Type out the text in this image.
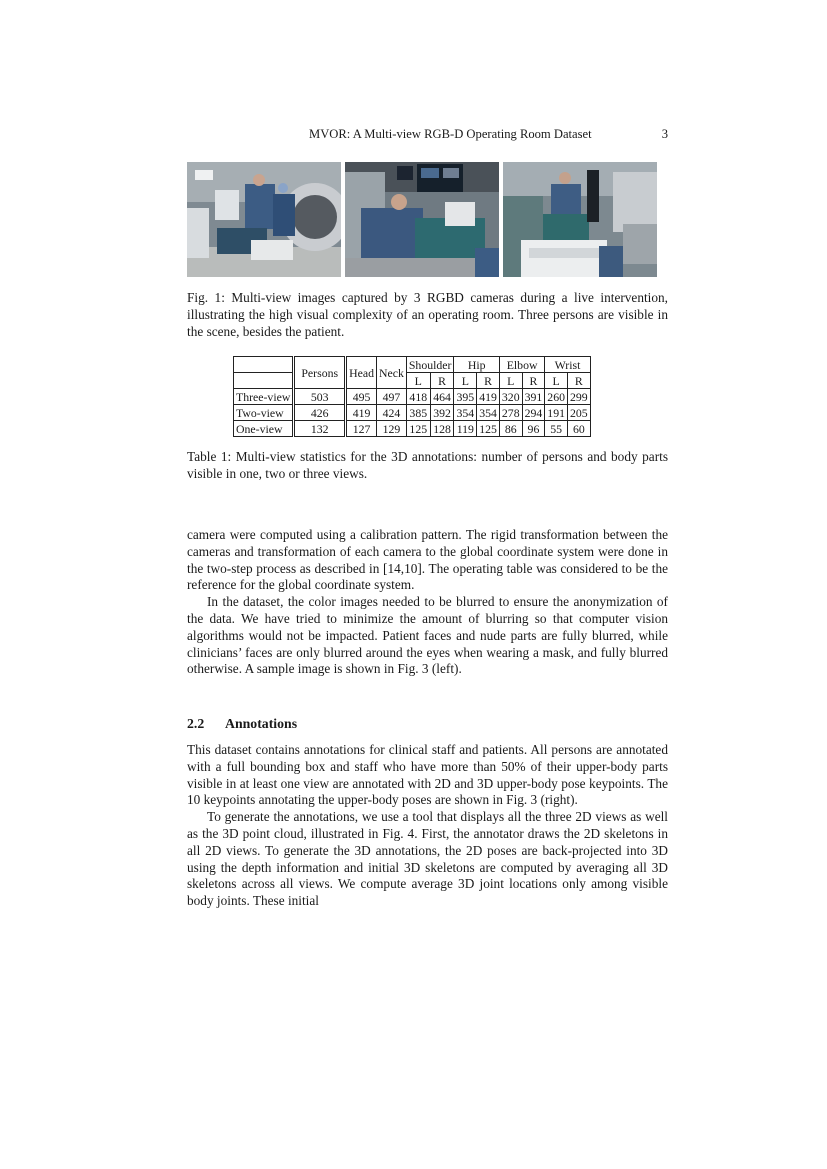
MVOR: A Multi-view RGB-D Operating Room Dataset	3
Fig. 1: Multi-view images captured by 3 RGBD cameras during a live intervention, illustrating the high visual complexity of an operating room. Three persons are visible in the scene, besides the patient.
	Persons	Head	Neck	Shoulder		Hip		Elbow		Wrist	
				L	R	L	R	L	R	L	R
Three-view	503	495	497	418	464	395	419	320	391	260	299
Two-view	426	419	424	385	392	354	354	278	294	191	205
One-view	132	127	129	125	128	119	125	86	96	55	60
Table 1: Multi-view statistics for the 3D annotations: number of persons and body parts visible in one, two or three views.

camera were computed using a calibration pattern. The rigid transformation between the cameras and transformation of each camera to the global coordinate system were done in the two-step process as described in [14,10]. The operating table was considered to be the reference for the global coordinate system.

In the dataset, the color images needed to be blurred to ensure the anonymization of the data. We have tried to minimize the amount of blurring so that computer vision algorithms would not be impacted. Patient faces and nude parts are fully blurred, while clinicians’ faces are only blurred around the eyes when wearing a mask, and fully blurred otherwise. A sample image is shown in Fig. 3 (left).

2.2 Annotations

This dataset contains annotations for clinical staff and patients. All persons are annotated with a full bounding box and staff who have more than 50% of their upper-body parts visible in at least one view are annotated with 2D and 3D upper-body pose keypoints. The 10 keypoints annotating the upper-body poses are shown in Fig. 3 (right).

To generate the annotations, we use a tool that displays all the three 2D views as well as the 3D point cloud, illustrated in Fig. 4. First, the annotator draws the 2D skeletons in all 2D views. To generate the 3D annotations, the 2D poses are back-projected into 3D using the depth information and initial 3D skeletons are computed by averaging all 3D skeletons across all views. We compute average 3D joint locations only among visible body joints. These initial
